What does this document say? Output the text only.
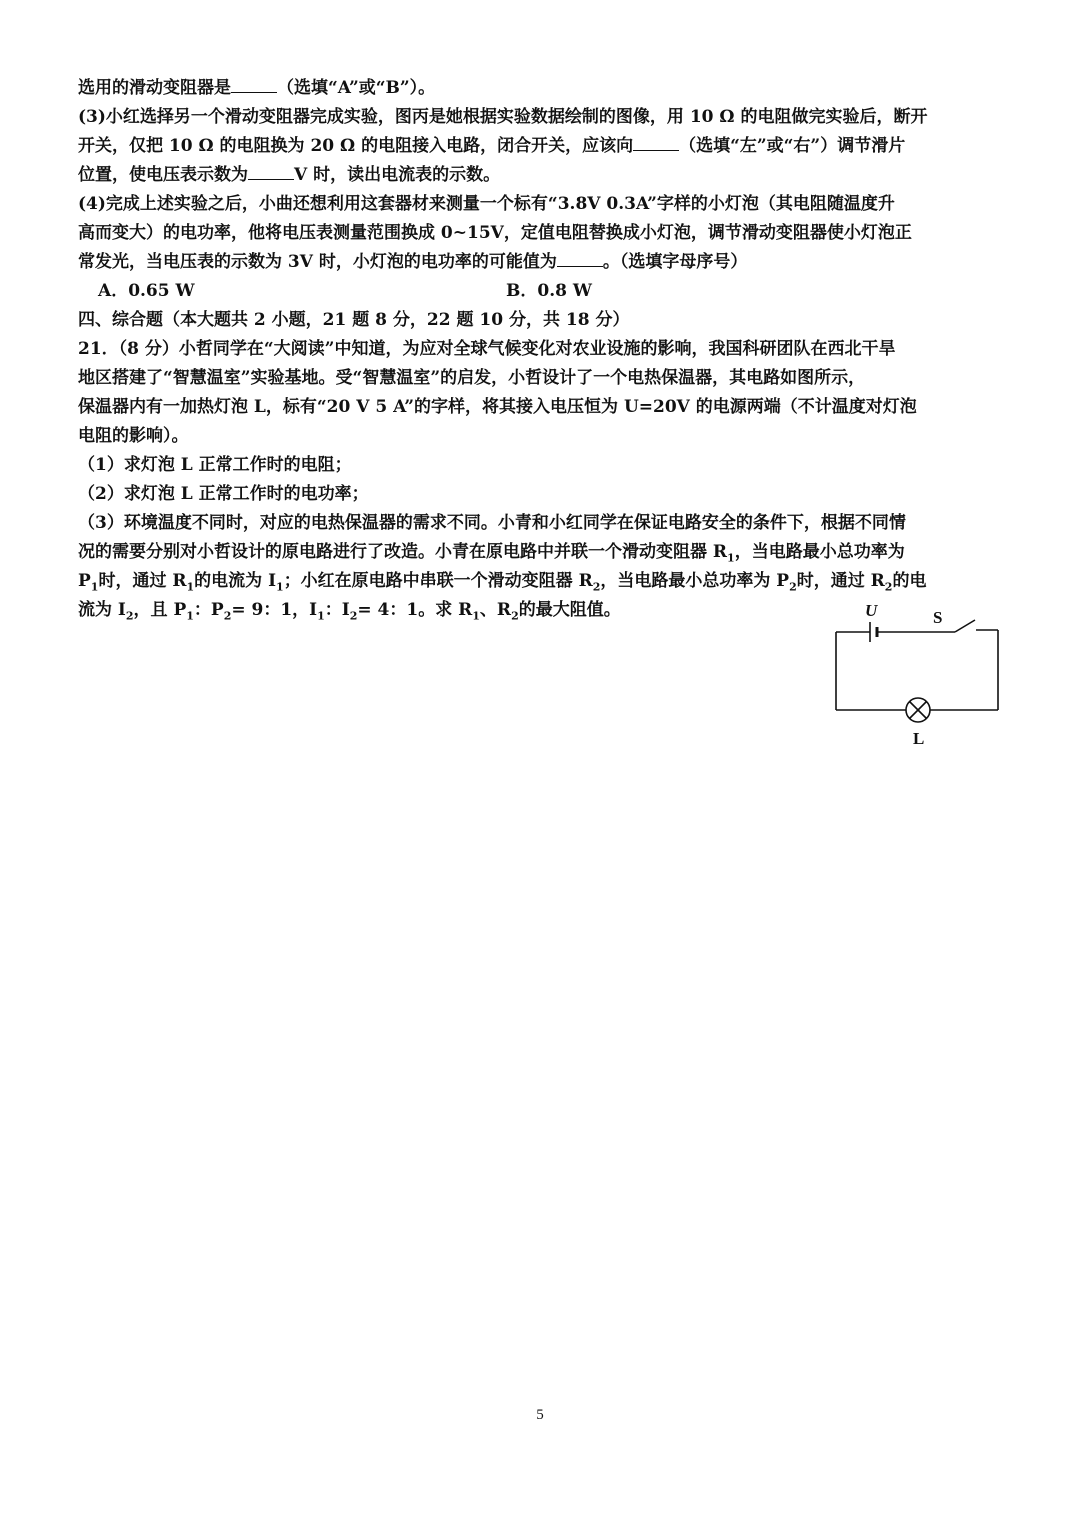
选用的滑动变阻器是	（选填“A”或“B”）。
(3)小红选择另一个滑动变阻器完成实验，图丙是她根据实验数据绘制的图像，用 10 Ω 的电阻做完实验后，断开
开关，仅把 10 Ω 的电阻换为 20 Ω 的电阻接入电路，闭合开关，应该向	（选填“左”或“右”）调节滑片
位置，使电压表示数为	V 时，读出电流表的示数。
(4)完成上述实验之后，小曲还想利用这套器材来测量一个标有“3.8V 0.3A”字样的小灯泡（其电阻随温度升
高而变大）的电功率，他将电压表测量范围换成 0~15V，定值电阻替换成小灯泡，调节滑动变阻器使小灯泡正
常发光，当电压表的示数为 3V 时，小灯泡的电功率的可能值为	。（选填字母序号）
A．0.65 W	B．0.8 W
四、综合题（本大题共 2 小题，21 题 8 分，22 题 10 分，共 18 分）
21．（8 分）小哲同学在“大阅读”中知道，为应对全球气候变化对农业设施的影响，我国科研团队在西北干旱
地区搭建了“智慧温室”实验基地。受“智慧温室”的启发，小哲设计了一个电热保温器，其电路如图所示，
保温器内有一加热灯泡 L，标有“20 V 5 A”的字样，将其接入电压恒为 U=20V 的电源两端（不计温度对灯泡
电阻的影响）。
（1）求灯泡 L 正常工作时的电阻；
（2）求灯泡 L 正常工作时的电功率；
（3）环境温度不同时，对应的电热保温器的需求不同。小青和小红同学在保证电路安全的条件下，根据不同情
况的需要分别对小哲设计的原电路进行了改造。小青在原电路中并联一个滑动变阻器 $R_1$，当电路最小总功率为
$P_1$时，通过 $R_1$的电流为 $I_1$；小红在原电路中串联一个滑动变阻器 $R_2$，当电路最小总功率为 $P_2$时，通过 $R_2$的电
流为 $I_2$，且 $P_1$：$P_2= 9$：1，$I_1$：$I_2= 4$：1。求 $R_1$、$R_2$的最大阻值。	U	S
L
5
